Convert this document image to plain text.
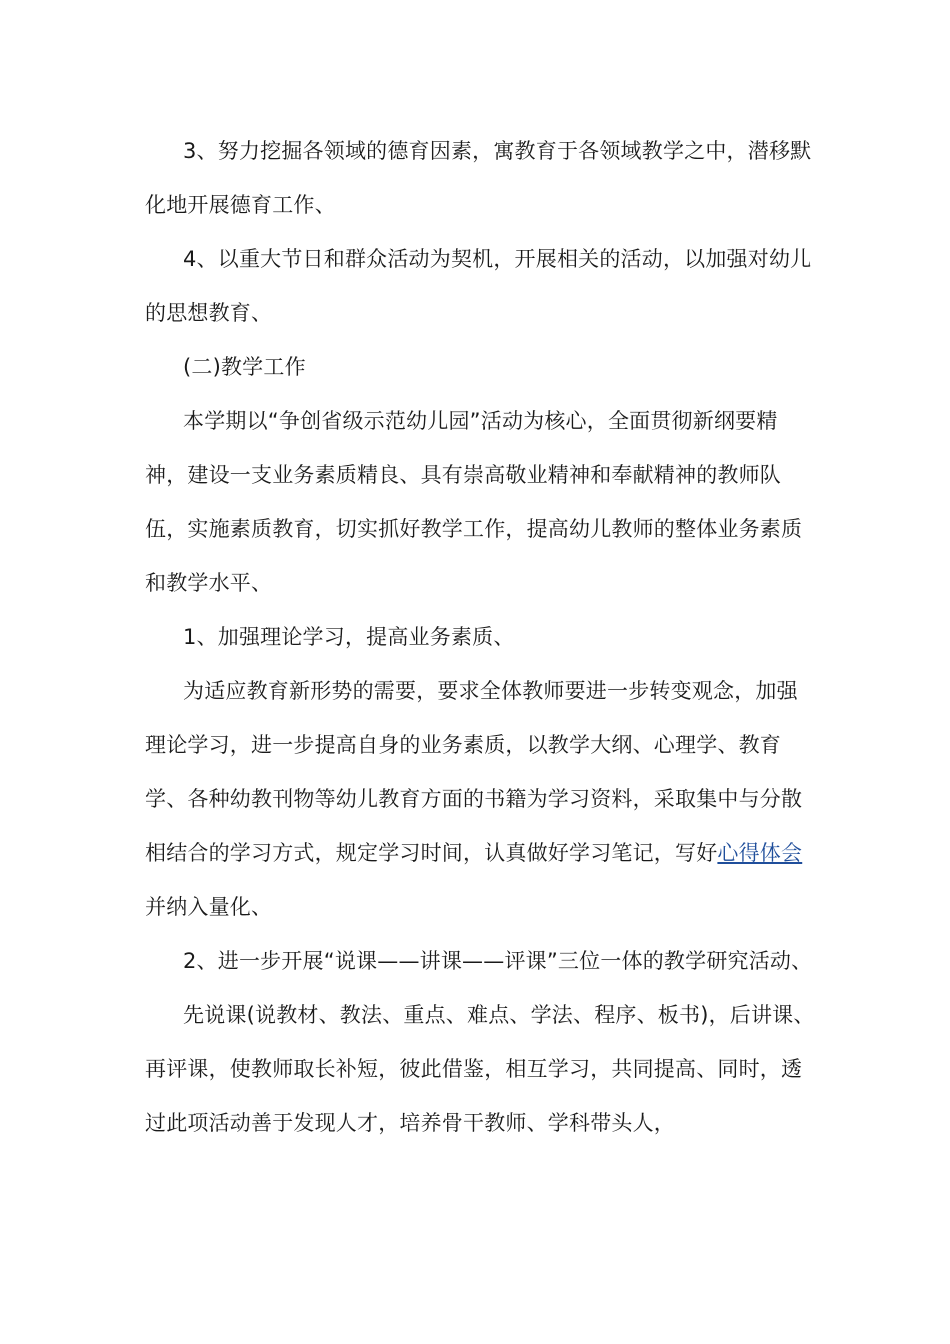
3、努力挖掘各领域的德育因素，寓教育于各领域教学之中，潜移默化地开展德育工作、

4、以重大节日和群众活动为契机，开展相关的活动，以加强对幼儿的思想教育、

(二)教学工作

本学期以“争创省级示范幼儿园”活动为核心，全面贯彻新纲要精神，建设一支业务素质精良、具有崇高敬业精神和奉献精神的教师队伍，实施素质教育，切实抓好教学工作，提高幼儿教师的整体业务素质和教学水平、

1、加强理论学习，提高业务素质、

为适应教育新形势的需要，要求全体教师要进一步转变观念，加强理论学习，进一步提高自身的业务素质，以教学大纲、心理学、教育学、各种幼教刊物等幼儿教育方面的书籍为学习资料，采取集中与分散相结合的学习方式，规定学习时间，认真做好学习笔记，写好心得体会并纳入量化、

2、进一步开展“说课——讲课——评课”三位一体的教学研究活动、

先说课(说教材、教法、重点、难点、学法、程序、板书)，后讲课、再评课，使教师取长补短，彼此借鉴，相互学习，共同提高、同时，透过此项活动善于发现人才，培养骨干教师、学科带头人，
